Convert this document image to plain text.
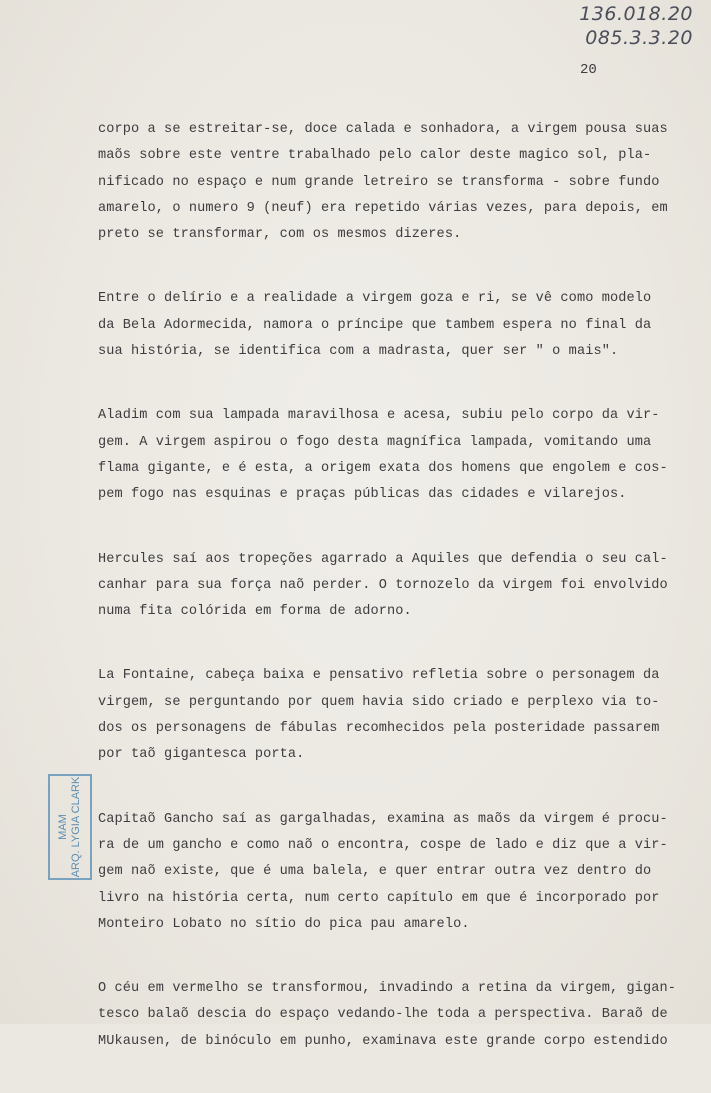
136.018.20
085.3.3.20
20
MAM ARQ. LYGIA CLARK
corpo a se estreitar-se, doce calada e sonhadora, a virgem pousa suas
maõs sobre este ventre trabalhado pelo calor deste magico sol, pla-
nificado no espaço e num grande letreiro se transforma - sobre fundo
amarelo, o numero 9 (neuf) era repetido várias vezes, para depois, em
preto se transformar, com os mesmos dizeres.
Entre o delírio e a realidade a virgem goza e ri, se vê como modelo
da Bela Adormecida, namora o príncipe que tambem espera no final da
sua história, se identifica com a madrasta, quer ser " o mais".
Aladim com sua lampada maravilhosa e acesa, subiu pelo corpo da vir-
gem. A virgem aspirou o fogo desta magnífica lampada, vomitando uma
flama gigante, e é esta, a origem exata dos homens que engolem e cos-
pem fogo nas esquinas e praças públicas das cidades e vilarejos.
Hercules saí aos tropeções agarrado a Aquiles que defendia o seu cal-
canhar para sua força naõ perder. O tornozelo da virgem foi envolvido
numa fita colórida em forma de adorno.
La Fontaine, cabeça baixa e pensativo refletia sobre o personagem da
virgem, se perguntando por quem havia sido criado e perplexo via to-
dos os personagens de fábulas recomhecidos pela posteridade passarem
por taõ gigantesca porta.
Capitaõ Gancho saí as gargalhadas, examina as maõs da virgem é procu-
ra de um gancho e como naõ o encontra, cospe de lado e diz que a vir-
gem naõ existe, que é uma balela, e quer entrar outra vez dentro do
livro na história certa, num certo capítulo em que é incorporado por
Monteiro Lobato no sítio do pica pau amarelo.
O céu em vermelho se transformou, invadindo a retina da virgem, gigan-
tesco balaõ descia do espaço vedando-lhe toda a perspectiva. Baraõ de
MUkausen, de binóculo em punho, examinava este grande corpo estendido
